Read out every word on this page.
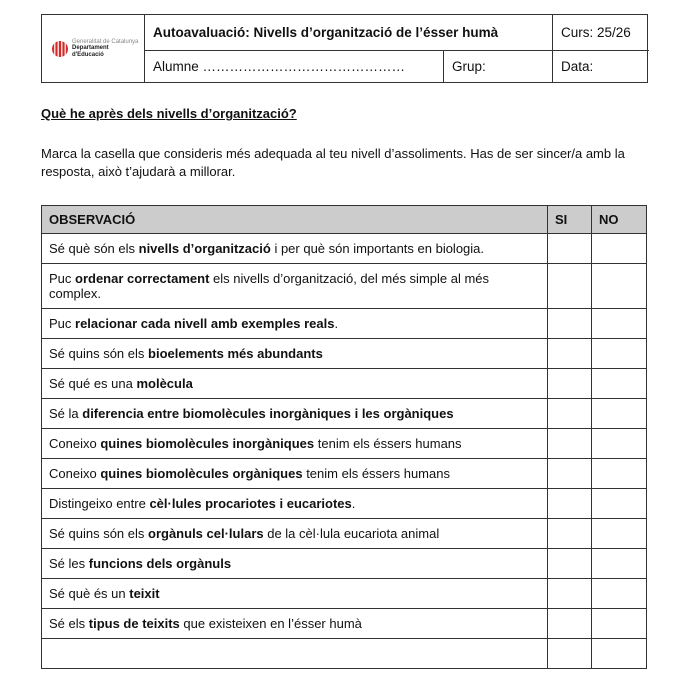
Generalitat de Catalunya
Departament
d'Educació
Autoavaluació: Nivells d’organització de l’ésser humà	Curs: 25/26
Alumne ………………………………………	Grup:	Data:
Què he après dels nivells d’organització?
Marca la casella que consideris més adequada al teu nivell d’assoliments. Has de ser sincer/a amb la resposta, això t’ajudarà a millorar.
OBSERVACIÓ	SI	NO
Sé què són els nivells d’organització i per què són importants en biologia.		
Puc ordenar correctament els nivells d’organització, del més simple al més complex.		
Puc relacionar cada nivell amb exemples reals.		
Sé quins són els bioelements més abundants		
Sé qué es una molècula		
Sé la diferencia entre biomolècules inorgàniques i les orgàniques		
Coneixo quines biomolècules inorgàniques tenim els éssers humans		
Coneixo quines biomolècules orgàniques tenim els éssers humans		
Distingeixo entre cèl·lules procariotes i eucariotes.		
Sé quins són els orgànuls cel·lulars de la cèl·lula eucariota animal		
Sé les funcions dels orgànuls		
Sé què és un teixit		
Sé els tipus de teixits que existeixen en l’ésser humà		
